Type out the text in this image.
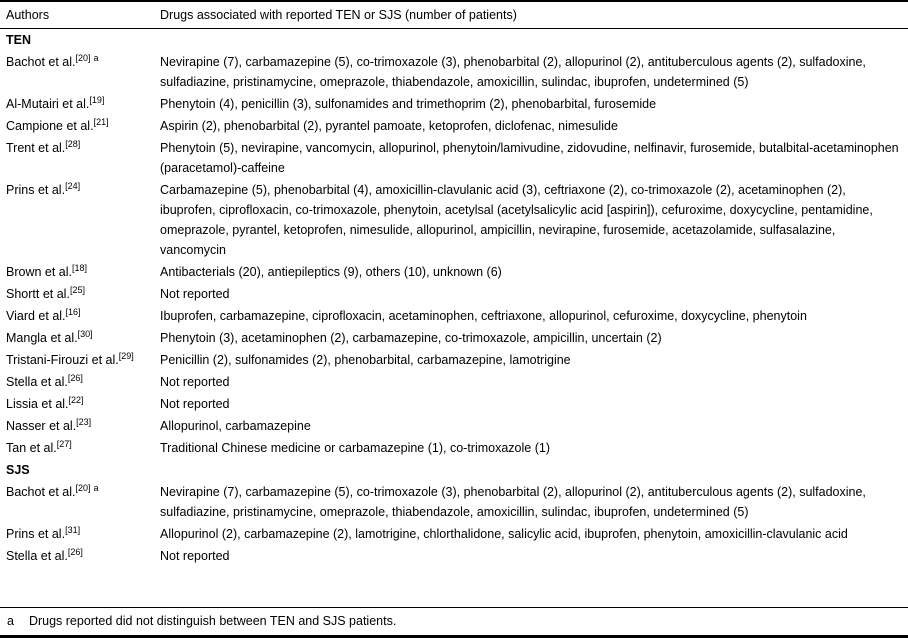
Authors	Drugs associated with reported TEN or SJS (number of patients)
TEN
Bachot et al.[20] $^a$	Nevirapine (7), carbamazepine (5), co-trimoxazole (3), phenobarbital (2), allopurinol (2), antituberculous agents (2), sulfadoxine, sulfadiazine, pristinamycine, omeprazole, thiabendazole, amoxicillin, sulindac, ibuprofen, undetermined (5)
Al-Mutairi et al.[19]	Phenytoin (4), penicillin (3), sulfonamides and trimethoprim (2), phenobarbital, furosemide
Campione et al.[21]	Aspirin (2), phenobarbital (2), pyrantel pamoate, ketoprofen, diclofenac, nimesulide
Trent et al.[28]	Phenytoin (5), nevirapine, vancomycin, allopurinol, phenytoin/lamivudine, zidovudine, nelfinavir, furosemide, butalbital-acetaminophen (paracetamol)-caffeine
Prins et al.[24]	Carbamazepine (5), phenobarbital (4), amoxicillin-clavulanic acid (3), ceftriaxone (2), co-trimoxazole (2), acetaminophen (2), ibuprofen, ciprofloxacin, co-trimoxazole, phenytoin, acetylsal (acetylsalicylic acid [aspirin]), cefuroxime, doxycycline, pentamidine, omeprazole, pyrantel, ketoprofen, nimesulide, allopurinol, ampicillin, nevirapine, furosemide, acetazolamide, sulfasalazine, vancomycin
Brown et al.[18]	Antibacterials (20), antiepileptics (9), others (10), unknown (6)
Shortt et al.[25]	Not reported
Viard et al.[16]	Ibuprofen, carbamazepine, ciprofloxacin, acetaminophen, ceftriaxone, allopurinol, cefuroxime, doxycycline, phenytoin
Mangla et al.[30]	Phenytoin (3), acetaminophen (2), carbamazepine, co-trimoxazole, ampicillin, uncertain (2)
Tristani-Firouzi et al.[29]	Penicillin (2), sulfonamides (2), phenobarbital, carbamazepine, lamotrigine
Stella et al.[26]	Not reported
Lissia et al.[22]	Not reported
Nasser et al.[23]	Allopurinol, carbamazepine
Tan et al.[27]	Traditional Chinese medicine or carbamazepine (1), co-trimoxazole (1)
SJS
Bachot et al.[20] $^a$	Nevirapine (7), carbamazepine (5), co-trimoxazole (3), phenobarbital (2), allopurinol (2), antituberculous agents (2), sulfadoxine, sulfadiazine, pristinamycine, omeprazole, thiabendazole, amoxicillin, sulindac, ibuprofen, undetermined (5)
Prins et al.[31]	Allopurinol (2), carbamazepine (2), lamotrigine, chlorthalidone, salicylic acid, ibuprofen, phenytoin, amoxicillin-clavulanic acid
Stella et al.[26]	Not reported
a	Drugs reported did not distinguish between TEN and SJS patients.
